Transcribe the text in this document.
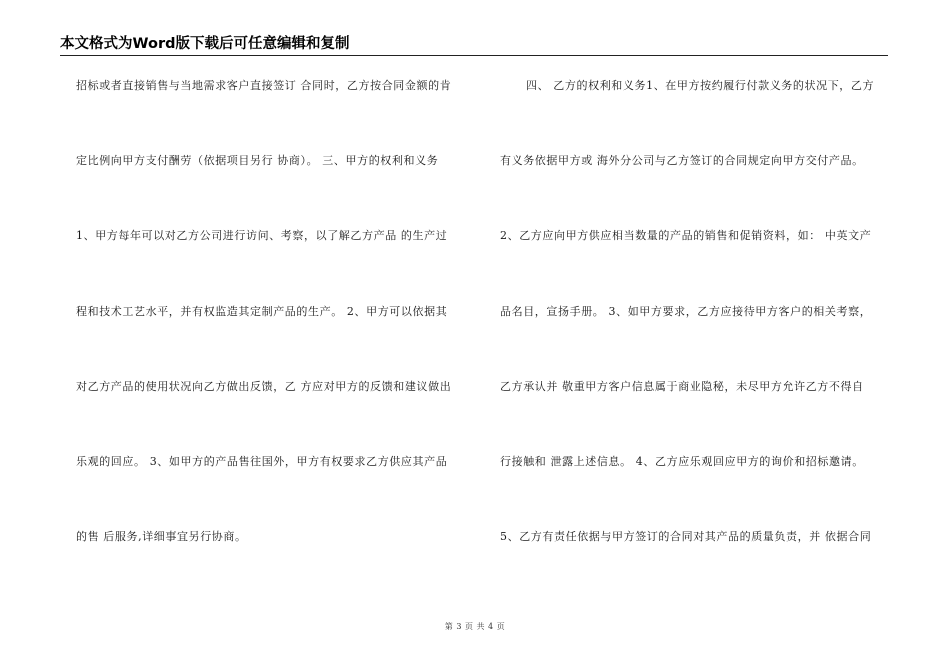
本文格式为Word版下载后可任意编辑和复制
招标或者直接销售与当地需求客户直接签订 合同时，乙方按合同金额的肯
定比例向甲方支付酬劳（依据项目另行 协商）。 三、甲方的权利和义务
1、甲方每年可以对乙方公司进行访问、考察，以了解乙方产品 的生产过
程和技术工艺水平，并有权监造其定制产品的生产。 2、甲方可以依据其
对乙方产品的使用状况向乙方做出反馈，乙 方应对甲方的反馈和建议做出
乐观的回应。 3、如甲方的产品售往国外，甲方有权要求乙方供应其产品
的售 后服务,详细事宜另行协商。
四、 乙方的权利和义务1、在甲方按约履行付款义务的状况下，乙方
有义务依据甲方或 海外分公司与乙方签订的合同规定向甲方交付产品。
2、乙方应向甲方供应相当数量的产品的销售和促销资料，如： 中英文产
品名目，宣扬手册。 3、如甲方要求，乙方应接待甲方客户的相关考察，
乙方承认并 敬重甲方客户信息属于商业隐秘，未尽甲方允许乙方不得自
行接触和 泄露上述信息。 4、乙方应乐观回应甲方的询价和招标邀请。
5、乙方有责任依据与甲方签订的合同对其产品的质量负责，并 依据合同
第 3 页 共 4 页
